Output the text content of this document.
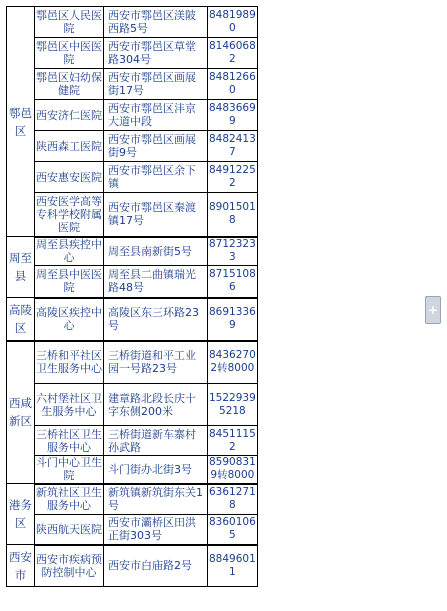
鄠邑区	鄠邑区人民医院	西安市鄠邑区渼陂西路5号	8481989 0
	鄠邑区中医医院	西安市鄠邑区草堂路304号	8146068 2
	鄠邑区妇幼保健院	西安市鄠邑区画展街17号	8481266 0
	西安济仁医院	西安市鄠邑区沣京大道中段	8483669 9
	陕西森工医院	西安市鄠邑区画展街9号	8482413 7
	西安惠安医院	西安市鄠邑区余下镇	8491225 2
	西安医学高等专科学校附属医院	西安市鄠邑区秦渡镇17号	8901501 8
周至县	周至县疾控中心	周至县南新街5号	8712323 3
	周至县中医医院	周至县二曲镇瑞光路48号	8715108 6
高陵区	高陵区疾控中心	高陵区东三环路23号	8691336 9
西咸新区	三桥和平社区卫生服务中心	三桥街道和平工业园一号路23号	8436270 2转8000
	六村堡社区卫生服务中心	建章路北段长庆十字东侧200米	1522939 5218
	三桥社区卫生服务中心	三桥街道新车寨村孙武路	8451115 2
	斗门中心卫生院	斗门街办北街3号	8590831 9转8000
港务区	新筑社区卫生服务中心	新筑镇新筑街东关1号	6361271 8
	陕西航天医院	西安市灞桥区田洪正街303号	8360106 5
西安市	西安市疾病预防控制中心	西安市白庙路2号	8849601 1
+
